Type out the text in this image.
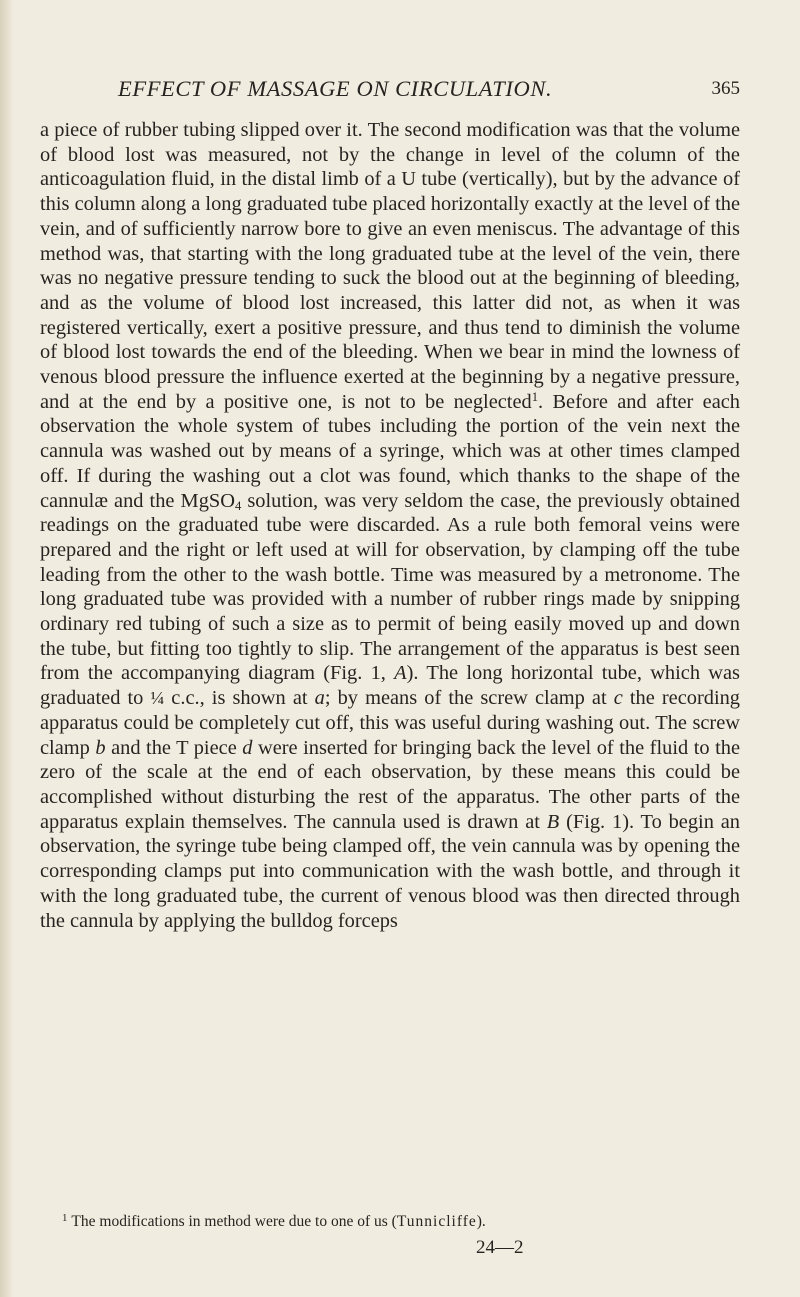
EFFECT OF MASSAGE ON CIRCULATION.	365

a piece of rubber tubing slipped over it. The second modification was that the volume of blood lost was measured, not by the change in level of the column of the anticoagulation fluid, in the distal limb of a U tube (vertically), but by the advance of this column along a long graduated tube placed horizontally exactly at the level of the vein, and of sufficiently narrow bore to give an even meniscus. The advantage of this method was, that starting with the long graduated tube at the level of the vein, there was no negative pressure tending to suck the blood out at the beginning of bleeding, and as the volume of blood lost increased, this latter did not, as when it was registered vertically, exert a positive pressure, and thus tend to diminish the volume of blood lost towards the end of the bleeding. When we bear in mind the lowness of venous blood pressure the influence exerted at the beginning by a negative pressure, and at the end by a positive one, is not to be neglected$^1$. Before and after each observation the whole system of tubes including the portion of the vein next the cannula was washed out by means of a syringe, which was at other times clamped off. If during the washing out a clot was found, which thanks to the shape of the cannulæ and the MgSO$_4$ solution, was very seldom the case, the previously obtained readings on the graduated tube were discarded. As a rule both femoral veins were prepared and the right or left used at will for observation, by clamping off the tube leading from the other to the wash bottle. Time was measured by a metronome. The long graduated tube was provided with a number of rubber rings made by snipping ordinary red tubing of such a size as to permit of being easily moved up and down the tube, but fitting too tightly to slip. The arrangement of the apparatus is best seen from the accompanying diagram (Fig. 1, A). The long horizontal tube, which was graduated to ¼ c.c., is shown at a; by means of the screw clamp at c the recording apparatus could be completely cut off, this was useful during washing out. The screw clamp b and the T piece d were inserted for bringing back the level of the fluid to the zero of the scale at the end of each observation, by these means this could be accomplished without disturbing the rest of the apparatus. The other parts of the apparatus explain themselves. The cannula used is drawn at B (Fig. 1). To begin an observation, the syringe tube being clamped off, the vein cannula was by opening the corresponding clamps put into communication with the wash bottle, and through it with the long graduated tube, the current of venous blood was then directed through the cannula by applying the bulldog forceps

$^1$ The modifications in method were due to one of us (Tunnicliffe).

24—2
